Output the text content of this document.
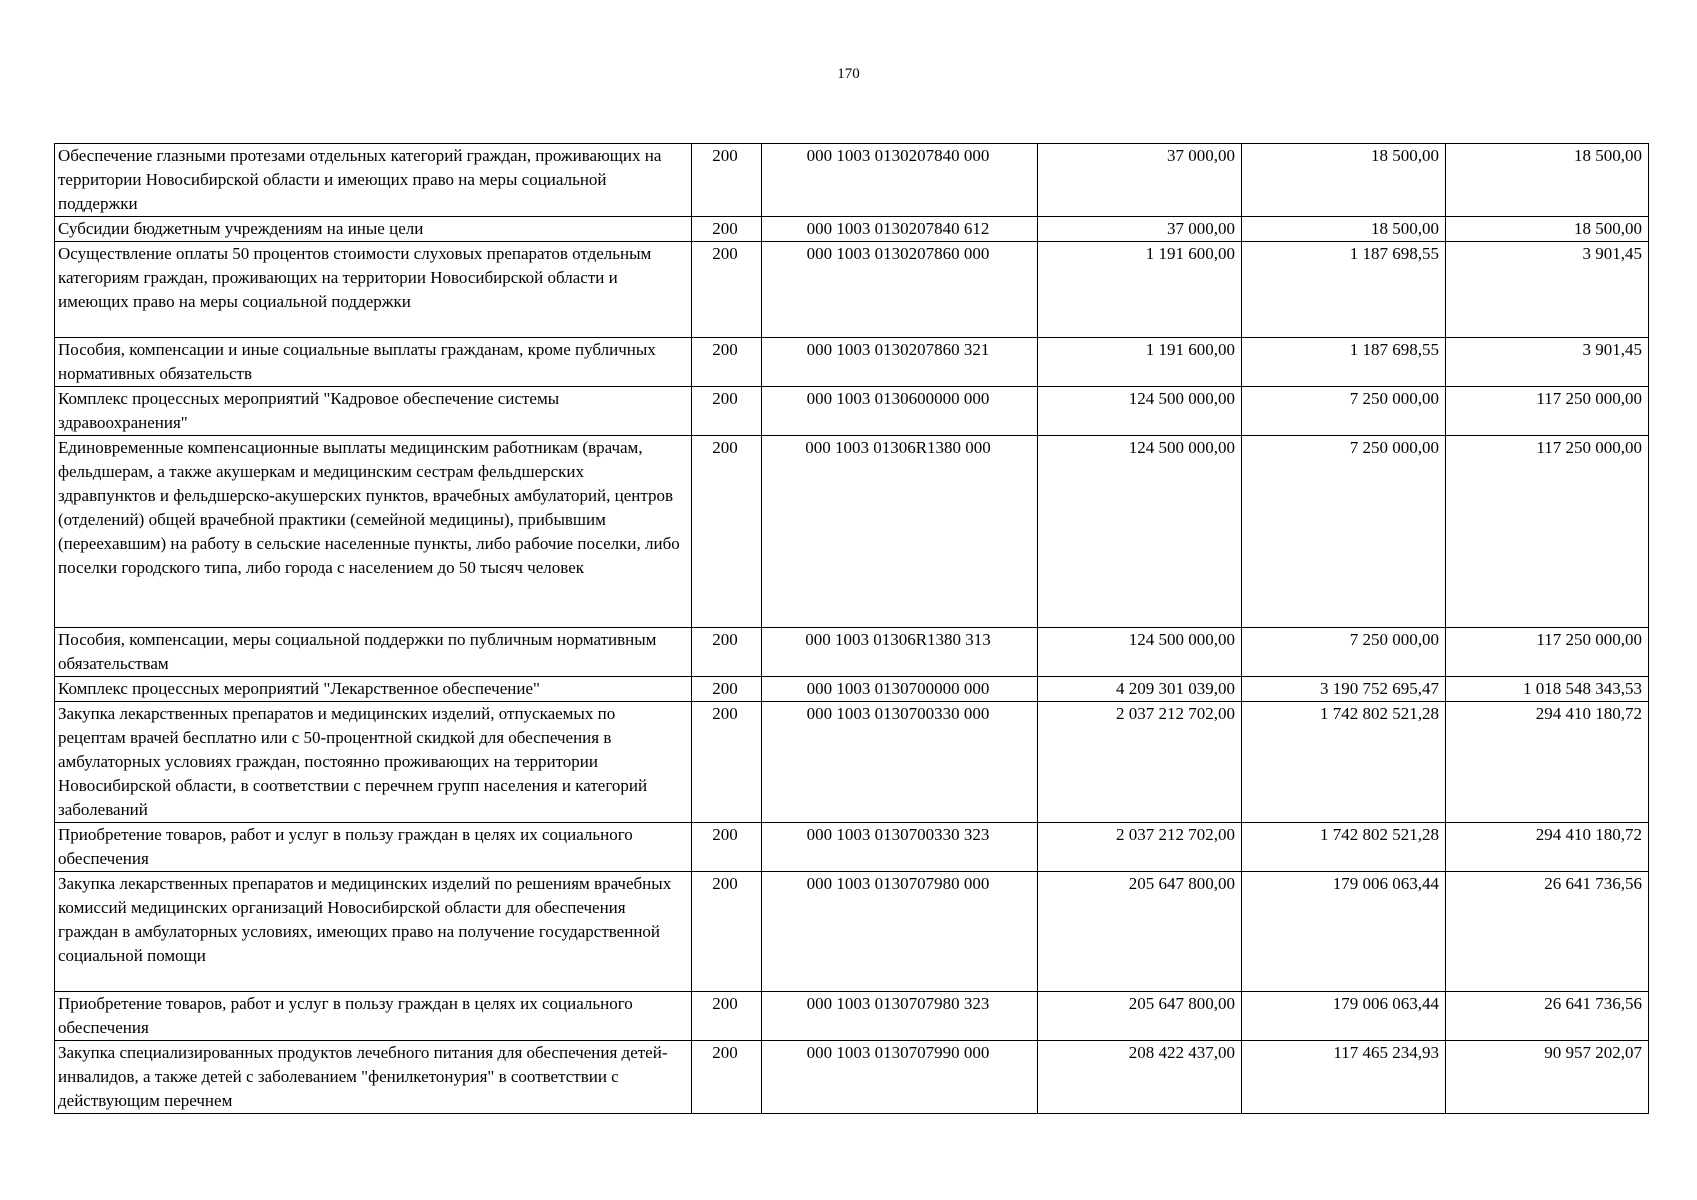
170
Обеспечение глазными протезами отдельных категорий граждан, проживающих на территории Новосибирской области и имеющих право на меры социальной поддержки	200	000 1003 0130207840 000	37 000,00	18 500,00	18 500,00
Субсидии бюджетным учреждениям на иные цели	200	000 1003 0130207840 612	37 000,00	18 500,00	18 500,00
Осуществление оплаты 50 процентов стоимости слуховых препаратов отдельным категориям граждан, проживающих на территории Новосибирской области и имеющих право на меры социальной поддержки	200	000 1003 0130207860 000	1 191 600,00	1 187 698,55	3 901,45
Пособия, компенсации и иные социальные выплаты гражданам, кроме публичных нормативных обязательств	200	000 1003 0130207860 321	1 191 600,00	1 187 698,55	3 901,45
Комплекс процессных мероприятий "Кадровое обеспечение системы здравоохранения"	200	000 1003 0130600000 000	124 500 000,00	7 250 000,00	117 250 000,00
Единовременные компенсационные выплаты медицинским работникам (врачам, фельдшерам, а также акушеркам и медицинским сестрам фельдшерских здравпунктов и фельдшерско-акушерских пунктов, врачебных амбулаторий, центров (отделений) общей врачебной практики (семейной медицины), прибывшим (переехавшим) на работу в сельские населенные пункты, либо рабочие поселки, либо поселки городского типа, либо города с населением до 50 тысяч человек	200	000 1003 01306R1380 000	124 500 000,00	7 250 000,00	117 250 000,00
Пособия, компенсации, меры социальной поддержки по публичным нормативным обязательствам	200	000 1003 01306R1380 313	124 500 000,00	7 250 000,00	117 250 000,00
Комплекс процессных мероприятий "Лекарственное обеспечение"	200	000 1003 0130700000 000	4 209 301 039,00	3 190 752 695,47	1 018 548 343,53
Закупка лекарственных препаратов и медицинских изделий, отпускаемых по рецептам врачей бесплатно или с 50-процентной скидкой для обеспечения в амбулаторных условиях граждан, постоянно проживающих на территории Новосибирской области, в соответствии с перечнем групп населения и категорий заболеваний	200	000 1003 0130700330 000	2 037 212 702,00	1 742 802 521,28	294 410 180,72
Приобретение товаров, работ и услуг в пользу граждан в целях их социального обеспечения	200	000 1003 0130700330 323	2 037 212 702,00	1 742 802 521,28	294 410 180,72
Закупка лекарственных препаратов и медицинских изделий по решениям врачебных комиссий медицинских организаций Новосибирской области для обеспечения граждан в амбулаторных условиях, имеющих право на получение государственной социальной помощи	200	000 1003 0130707980 000	205 647 800,00	179 006 063,44	26 641 736,56
Приобретение товаров, работ и услуг в пользу граждан в целях их социального обеспечения	200	000 1003 0130707980 323	205 647 800,00	179 006 063,44	26 641 736,56
Закупка специализированных продуктов лечебного питания для обеспечения детей-инвалидов, а также детей с заболеванием "фенилкетонурия" в соответствии с действующим перечнем	200	000 1003 0130707990 000	208 422 437,00	117 465 234,93	90 957 202,07
